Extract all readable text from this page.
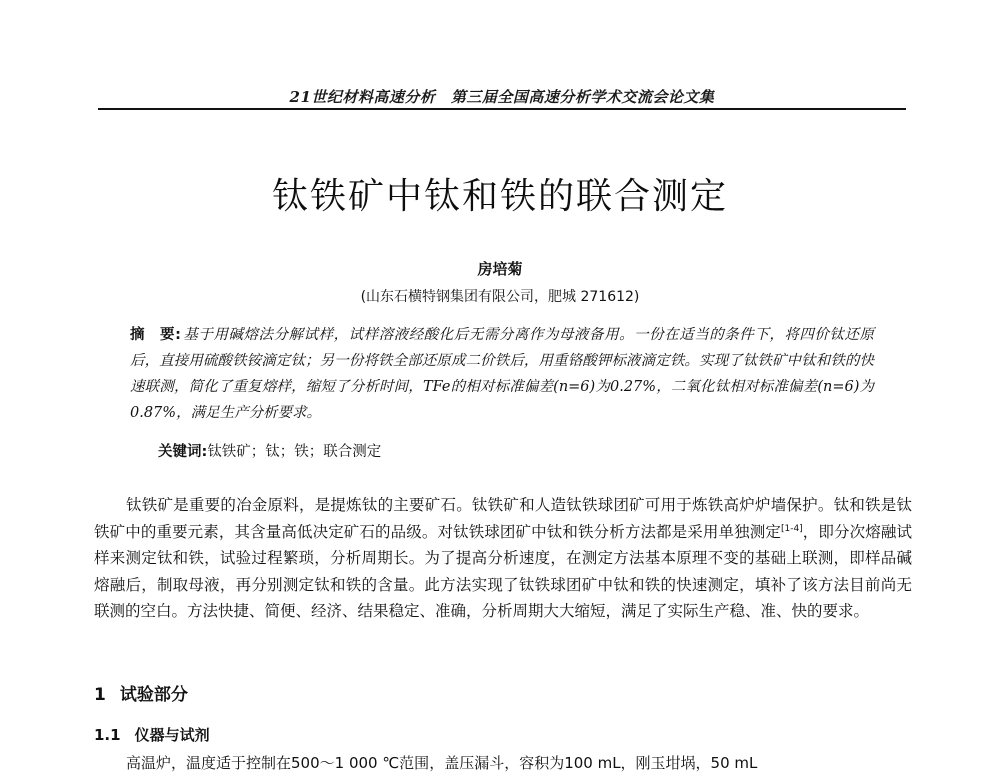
21世纪材料高速分析　第三届全国高速分析学术交流会论文集
钛铁矿中钛和铁的联合测定
房培菊
(山东石横特钢集团有限公司，肥城 271612)
摘　要: 基于用碱熔法分解试样，试样溶液经酸化后无需分离作为母液备用。一份在适当的条件下，将四价钛还原后，直接用硫酸铁铵滴定钛；另一份将铁全部还原成二价铁后，用重铬酸钾标液滴定铁。实现了钛铁矿中钛和铁的快速联测，简化了重复熔样，缩短了分析时间，TFe的相对标准偏差(n=6)为0.27%，二氧化钛相对标准偏差(n=6)为0.87%，满足生产分析要求。
关键词:钛铁矿；钛；铁；联合测定
钛铁矿是重要的冶金原料，是提炼钛的主要矿石。钛铁矿和人造钛铁球团矿可用于炼铁高炉炉墙保护。钛和铁是钛铁矿中的重要元素，其含量高低决定矿石的品级。对钛铁球团矿中钛和铁分析方法都是采用单独测定[1-4]，即分次熔融试样来测定钛和铁，试验过程繁琐，分析周期长。为了提高分析速度，在测定方法基本原理不变的基础上联测，即样品碱熔融后，制取母液，再分别测定钛和铁的含量。此方法实现了钛铁球团矿中钛和铁的快速测定，填补了该方法目前尚无联测的空白。方法快捷、简便、经济、结果稳定、准确，分析周期大大缩短，满足了实际生产稳、准、快的要求。
1 试验部分
1.1 仪器与试剂
高温炉，温度适于控制在500～1 000 ℃范围，盖压漏斗，容积为100 mL，刚玉坩埚，50 mL
